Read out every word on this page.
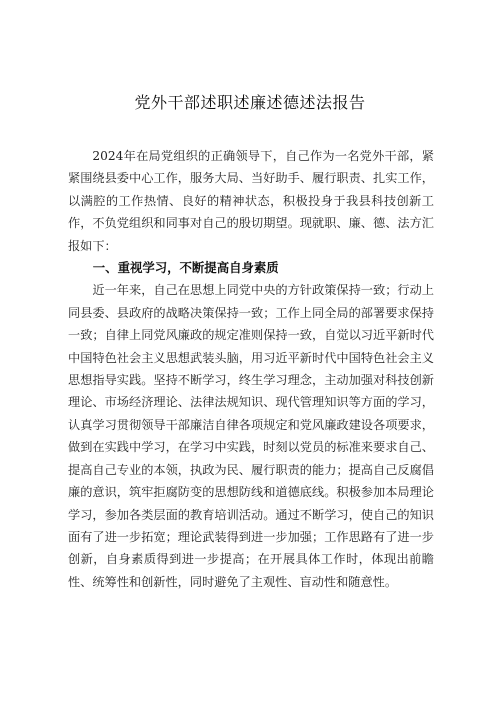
党外干部述职述廉述德述法报告

2024年在局党组织的正确领导下，自己作为一名党外干部，紧紧围绕县委中心工作，服务大局、当好助手、履行职责、扎实工作，以满腔的工作热情、良好的精神状态，积极投身于我县科技创新工作，不负党组织和同事对自己的殷切期望。现就职、廉、德、法方汇报如下：

一、重视学习，不断提高自身素质

近一年来，自己在思想上同党中央的方针政策保持一致；行动上同县委、县政府的战略决策保持一致；工作上同全局的部署要求保持一致；自律上同党风廉政的规定准则保持一致，自觉以习近平新时代中国特色社会主义思想武装头脑，用习近平新时代中国特色社会主义思想指导实践。坚持不断学习，终生学习理念，主动加强对科技创新理论、市场经济理论、法律法规知识、现代管理知识等方面的学习，认真学习贯彻领导干部廉洁自律各项规定和党风廉政建设各项要求，做到在实践中学习，在学习中实践，时刻以党员的标准来要求自己、提高自己专业的本领，执政为民、履行职责的能力；提高自己反腐倡廉的意识，筑牢拒腐防变的思想防线和道德底线。积极参加本局理论学习，参加各类层面的教育培训活动。通过不断学习，使自己的知识面有了进一步拓宽；理论武装得到进一步加强；工作思路有了进一步创新，自身素质得到进一步提高；在开展具体工作时，体现出前瞻性、统筹性和创新性，同时避免了主观性、盲动性和随意性。
